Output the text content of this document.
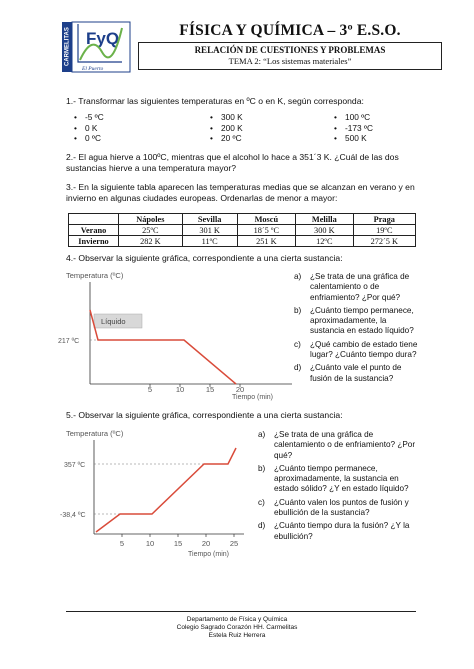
CARMELITAS FyQ
El Puerto
FÍSICA Y QUÍMICA – 3º E.S.O.
RELACIÓN DE CUESTIONES Y PROBLEMAS
TEMA 2: “Los sistemas materiales”
1.- Transformar las siguientes temperaturas en ºC o en K, según corresponda:
• -5 ºC
• 0 K
• 0 ºC
• 300 K
• 200 K
• 20 ºC
• 100 ºC
• -173 ºC
• 500 K
2.- El agua hierve a 100ºC, mientras que el alcohol lo hace a 351´3 K. ¿Cuál de las dos sustancias hierve a una temperatura mayor?
3.- En la siguiente tabla aparecen las temperaturas medias que se alcanzan en verano y en invierno en algunas ciudades europeas. Ordenarlas de menor a mayor:
	Nápoles	Sevilla	Moscú	Melilla	Praga
Verano	25ºC	301 K	18´5 ºC	300 K	19ºC
Invierno	282 K	11ºC	251 K	12ºC	272´5 K
4.- Observar la siguiente gráfica, correspondiente a una cierta sustancia:
Temperatura (ºC)
217 ºC
Líquido
5	10	15	20
Tiempo (min)
a) ¿Se trata de una gráfica de calentamiento o de enfriamiento? ¿Por qué?
b) ¿Cuánto tiempo permanece, aproximadamente, la sustancia en estado líquido?
c) ¿Qué cambio de estado tiene lugar? ¿Cuánto tiempo dura?
d) ¿Cuánto vale el punto de fusión de la sustancia?
5.- Observar la siguiente gráfica, correspondiente a una cierta sustancia:
Temperatura (ºC)
357 ºC
-38,4 ºC
5	10	15	20	25
Tiempo (min)
a) ¿Se trata de una gráfica de calentamiento o de enfriamiento? ¿Por qué?
b) ¿Cuánto tiempo permanece, aproximadamente, la sustancia en estado sólido? ¿Y en estado líquido?
c) ¿Cuánto valen los puntos de fusión y ebullición de la sustancia?
d) ¿Cuánto tiempo dura la fusión? ¿Y la ebullición?
Departamento de Física y Química
Colegio Sagrado Corazón HH. Carmelitas
Estela Ruiz Herrera
